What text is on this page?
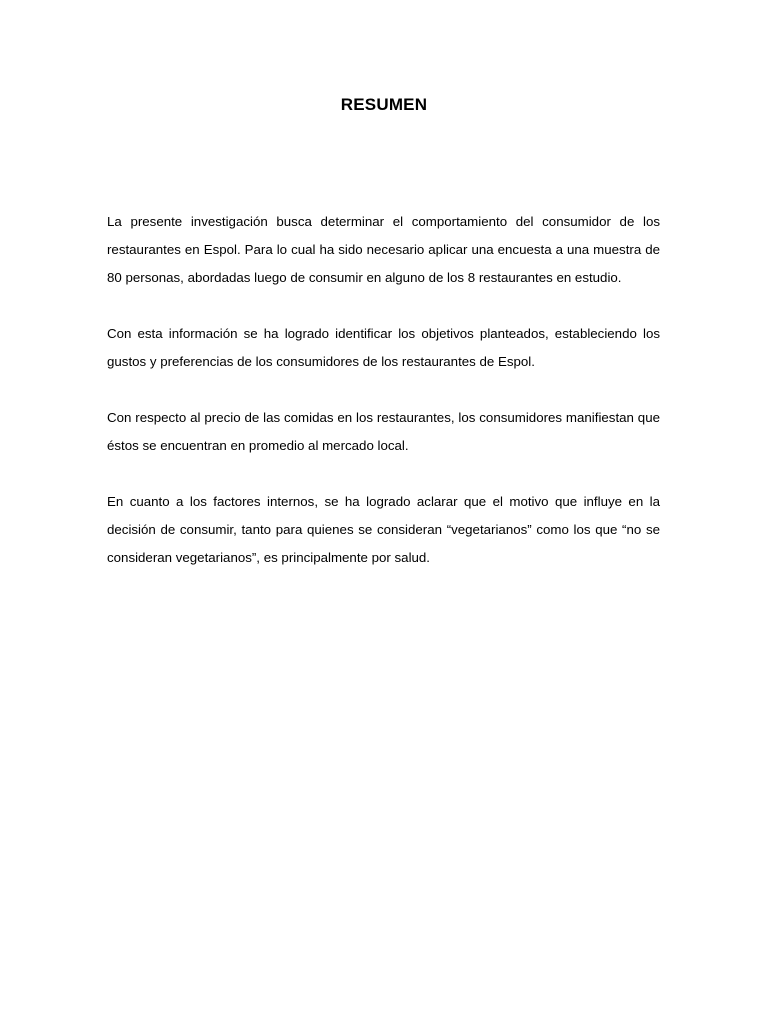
RESUMEN

La presente investigación busca determinar el comportamiento del consumidor de los restaurantes en Espol. Para lo cual ha sido necesario aplicar una encuesta a una muestra de 80 personas, abordadas luego de consumir en alguno de los 8 restaurantes en estudio.

Con esta información se ha logrado identificar los objetivos planteados, estableciendo los gustos y preferencias de los consumidores de los restaurantes de Espol.

Con respecto al precio de las comidas en los restaurantes, los consumidores manifiestan que éstos se encuentran en promedio al mercado local.

En cuanto a los factores internos, se ha logrado aclarar que el motivo que influye en la decisión de consumir, tanto para quienes se consideran “vegetarianos” como los que “no se consideran vegetarianos”, es principalmente por salud.
